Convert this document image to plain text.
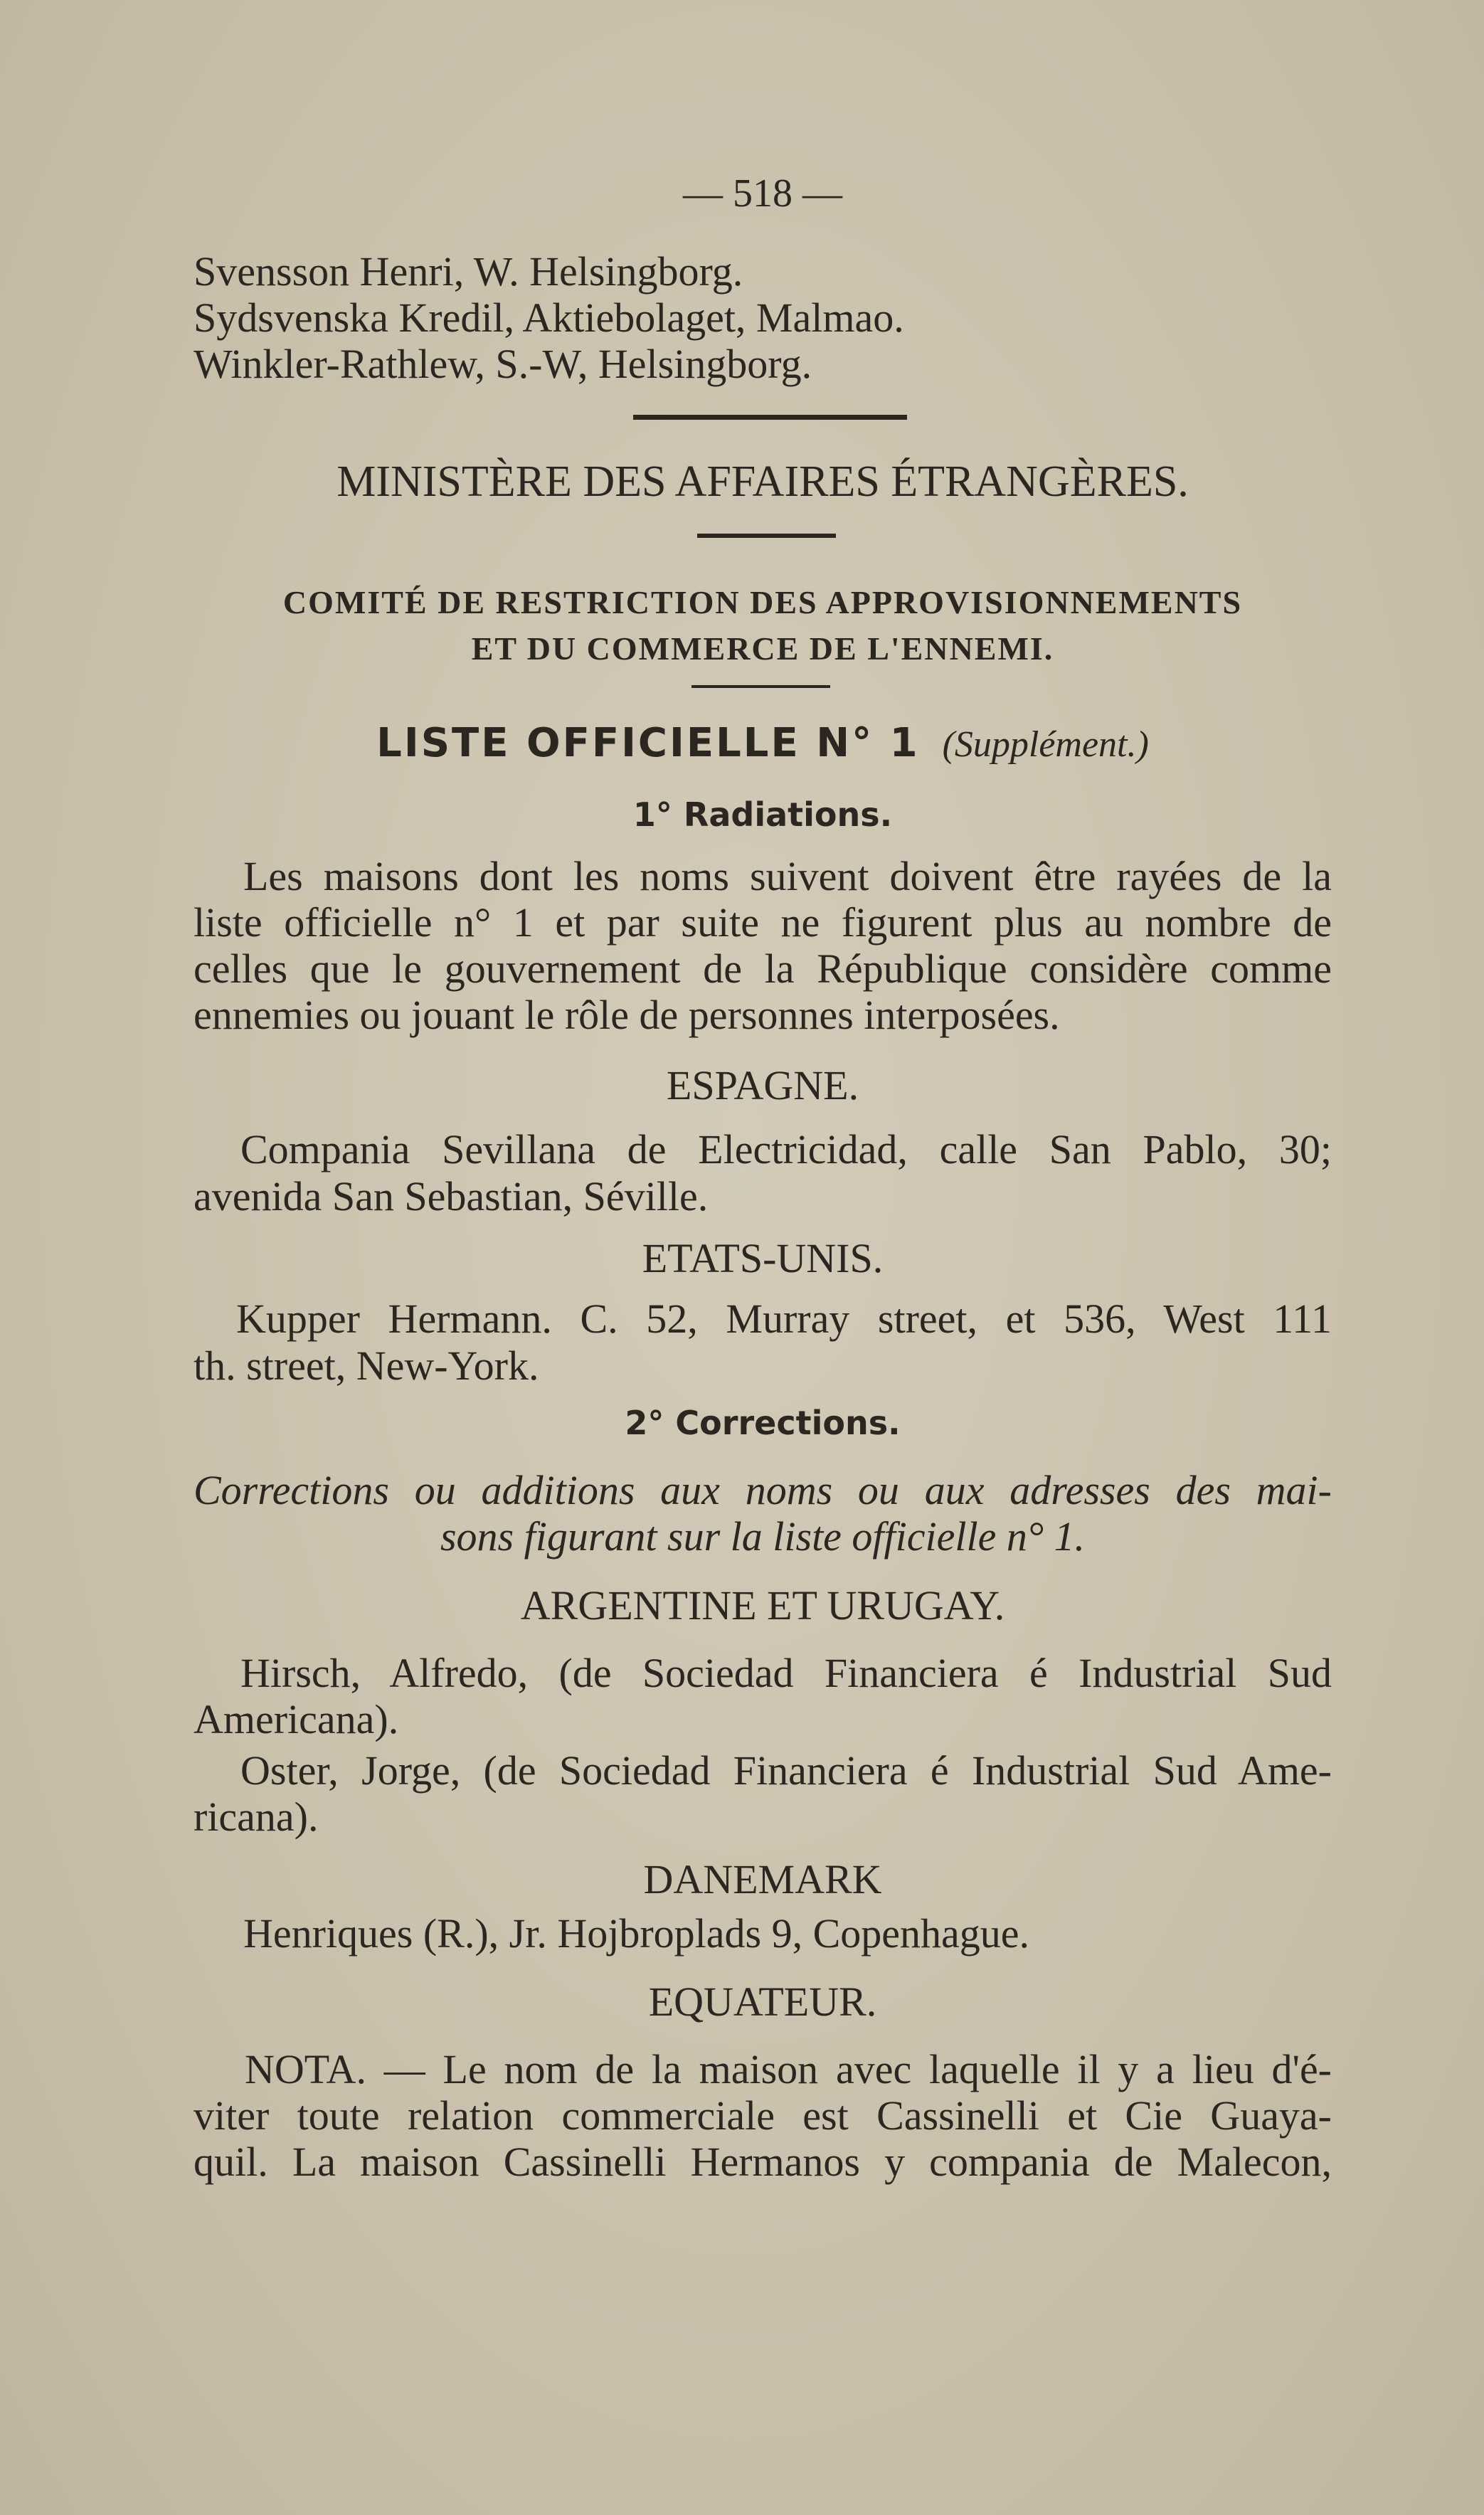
— 518 —
Svensson Henri, W. Helsingborg.
Sydsvenska Kredil, Aktiebolaget, Malmao.
Winkler-Rathlew, S.-W, Helsingborg.
MINISTÈRE DES AFFAIRES ÉTRANGÈRES.
COMITÉ DE RESTRICTION DES APPROVISIONNEMENTS
ET DU COMMERCE DE L'ENNEMI.
LISTE OFFICIELLE N° 1 (Supplément.)
1° Radiations.
Les maisons dont les noms suivent doivent être rayées de la
liste officielle n° 1 et par suite ne figurent plus au nombre de
celles que le gouvernement de la République considère comme
ennemies ou jouant le rôle de personnes interposées.
ESPAGNE.
Compania Sevillana de Electricidad, calle San Pablo, 30;
avenida San Sebastian, Séville.
ETATS-UNIS.
Kupper Hermann. C. 52, Murray street, et 536, West 111
th. street, New-York.
2° Corrections.
Corrections ou additions aux noms ou aux adresses des mai-
sons figurant sur la liste officielle n° 1.
ARGENTINE ET URUGAY.
Hirsch, Alfredo, (de Sociedad Financiera é Industrial Sud
Americana).
Oster, Jorge, (de Sociedad Financiera é Industrial Sud Ame-
ricana).
DANEMARK
Henriques (R.), Jr. Hojbroplads 9, Copenhague.
EQUATEUR.
NOTA. — Le nom de la maison avec laquelle il y a lieu d'é-
viter toute relation commerciale est Cassinelli et Cie Guaya-
quil. La maison Cassinelli Hermanos y compania de Malecon,
